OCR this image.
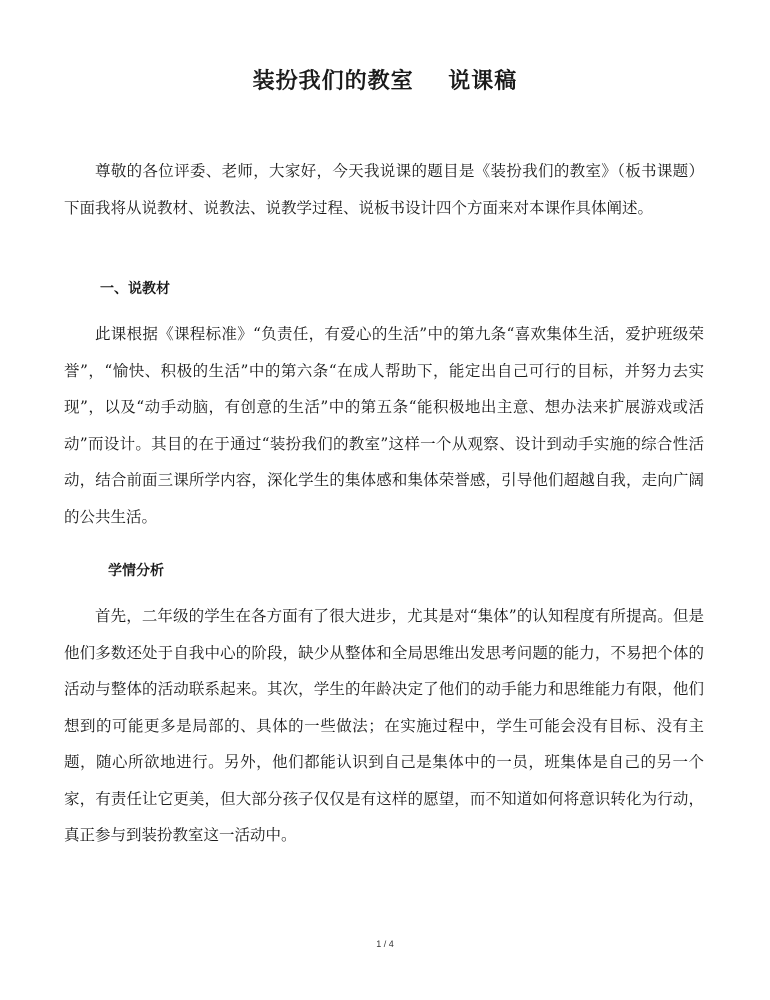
装扮我们的教室    说课稿

尊敬的各位评委、老师，大家好，今天我说课的题目是《装扮我们的教室》（板书课题）下面我将从说教材、说教法、说教学过程、说板书设计四个方面来对本课作具体阐述。

一、说教材

此课根据《课程标准》“负责任，有爱心的生活”中的第九条“喜欢集体生活，爱护班级荣誉”，“愉快、积极的生活”中的第六条“在成人帮助下，能定出自己可行的目标，并努力去实现”，以及“动手动脑，有创意的生活”中的第五条“能积极地出主意、想办法来扩展游戏或活动”而设计。其目的在于通过“装扮我们的教室”这样一个从观察、设计到动手实施的综合性活动，结合前面三课所学内容，深化学生的集体感和集体荣誉感，引导他们超越自我，走向广阔的公共生活。

学情分析

首先，二年级的学生在各方面有了很大进步，尤其是对“集体”的认知程度有所提高。但是他们多数还处于自我中心的阶段，缺少从整体和全局思维出发思考问题的能力，不易把个体的活动与整体的活动联系起来。其次，学生的年龄决定了他们的动手能力和思维能力有限，他们想到的可能更多是局部的、具体的一些做法；在实施过程中，学生可能会没有目标、没有主题，随心所欲地进行。另外，他们都能认识到自己是集体中的一员，班集体是自己的另一个家，有责任让它更美，但大部分孩子仅仅是有这样的愿望，而不知道如何将意识转化为行动，真正参与到装扮教室这一活动中。

1 / 4
